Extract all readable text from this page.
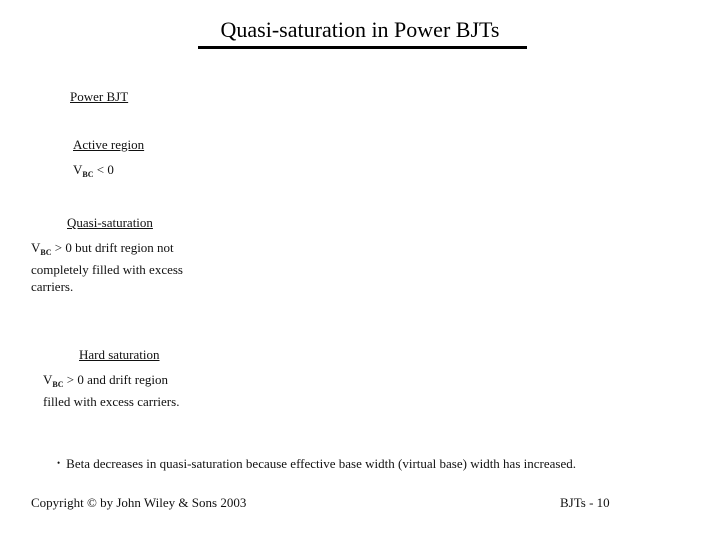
Quasi-saturation in Power BJTs
Power BJT
Active region
$V_{BC} < 0$
Quasi-saturation
$V_{BC} > 0$ but drift region not
completely filled with excess
carriers.
Hard saturation
$V_{BC} > 0$ and drift region
filled with excess carriers.
• Beta decreases in quasi-saturation because effective base width (virtual base) width has increased.
Copyright © by John Wiley & Sons 2003	BJTs - 10
